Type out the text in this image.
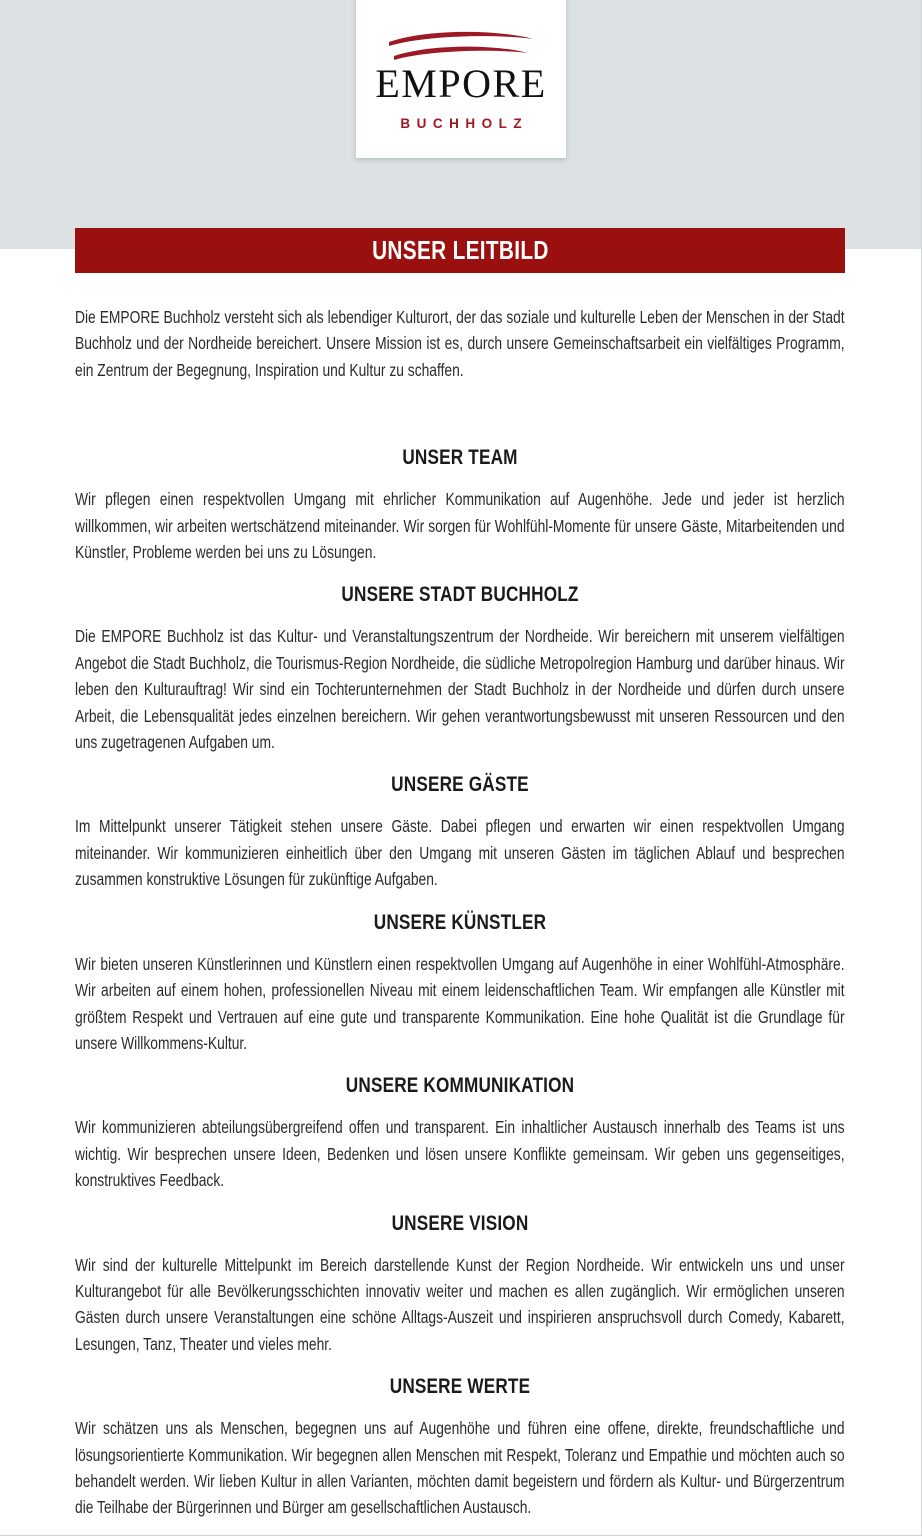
EMPORE
BUCHHOLZ
UNSER LEITBILD

Die EMPORE Buchholz versteht sich als lebendiger Kulturort, der das soziale und kulturelle Leben der Menschen in der Stadt Buchholz und der Nordheide bereichert. Unsere Mission ist es, durch unsere Gemeinschaftsarbeit ein vielfältiges Programm, ein Zentrum der Begegnung, Inspiration und Kultur zu schaffen.

UNSER TEAM

Wir pflegen einen respektvollen Umgang mit ehrlicher Kommunikation auf Augenhöhe. Jede und jeder ist herzlich willkommen, wir arbeiten wertschätzend miteinander. Wir sorgen für Wohlfühl-Momente für unsere Gäste, Mitarbeitenden und Künstler, Probleme werden bei uns zu Lösungen.

UNSERE STADT BUCHHOLZ

Die EMPORE Buchholz ist das Kultur- und Veranstaltungszentrum der Nordheide. Wir bereichern mit unserem vielfältigen Angebot die Stadt Buchholz, die Tourismus-Region Nordheide, die südliche Metropolregion Hamburg und darüber hinaus. Wir leben den Kulturauftrag! Wir sind ein Tochterunternehmen der Stadt Buchholz in der Nordheide und dürfen durch unsere Arbeit, die Lebensqualität jedes einzelnen bereichern. Wir gehen verantwortungsbewusst mit unseren Ressourcen und den uns zugetragenen Aufgaben um.

UNSERE GÄSTE

Im Mittelpunkt unserer Tätigkeit stehen unsere Gäste. Dabei pflegen und erwarten wir einen respektvollen Umgang miteinander. Wir kommunizieren einheitlich über den Umgang mit unseren Gästen im täglichen Ablauf und besprechen zusammen konstruktive Lösungen für zukünftige Aufgaben.

UNSERE KÜNSTLER

Wir bieten unseren Künstlerinnen und Künstlern einen respektvollen Umgang auf Augenhöhe in einer Wohlfühl-Atmosphäre. Wir arbeiten auf einem hohen, professionellen Niveau mit einem leidenschaftlichen Team. Wir empfangen alle Künstler mit größtem Respekt und Vertrauen auf eine gute und transparente Kommunikation. Eine hohe Qualität ist die Grundlage für unsere Willkommens-Kultur.

UNSERE KOMMUNIKATION

Wir kommunizieren abteilungsübergreifend offen und transparent. Ein inhaltlicher Austausch innerhalb des Teams ist uns wichtig. Wir besprechen unsere Ideen, Bedenken und lösen unsere Konflikte gemeinsam. Wir geben uns gegenseitiges, konstruktives Feedback.

UNSERE VISION

Wir sind der kulturelle Mittelpunkt im Bereich darstellende Kunst der Region Nordheide. Wir entwickeln uns und unser Kulturangebot für alle Bevölkerungsschichten innovativ weiter und machen es allen zugänglich. Wir ermöglichen unseren Gästen durch unsere Veranstaltungen eine schöne Alltags-Auszeit und inspirieren anspruchsvoll durch Comedy, Kabarett, Lesungen, Tanz, Theater und vieles mehr.

UNSERE WERTE

Wir schätzen uns als Menschen, begegnen uns auf Augenhöhe und führen eine offene, direkte, freundschaftliche und lösungsorientierte Kommunikation. Wir begegnen allen Menschen mit Respekt, Toleranz und Empathie und möchten auch so behandelt werden. Wir lieben Kultur in allen Varianten, möchten damit begeistern und fördern als Kultur- und Bürgerzentrum die Teilhabe der Bürgerinnen und Bürger am gesellschaftlichen Austausch.
